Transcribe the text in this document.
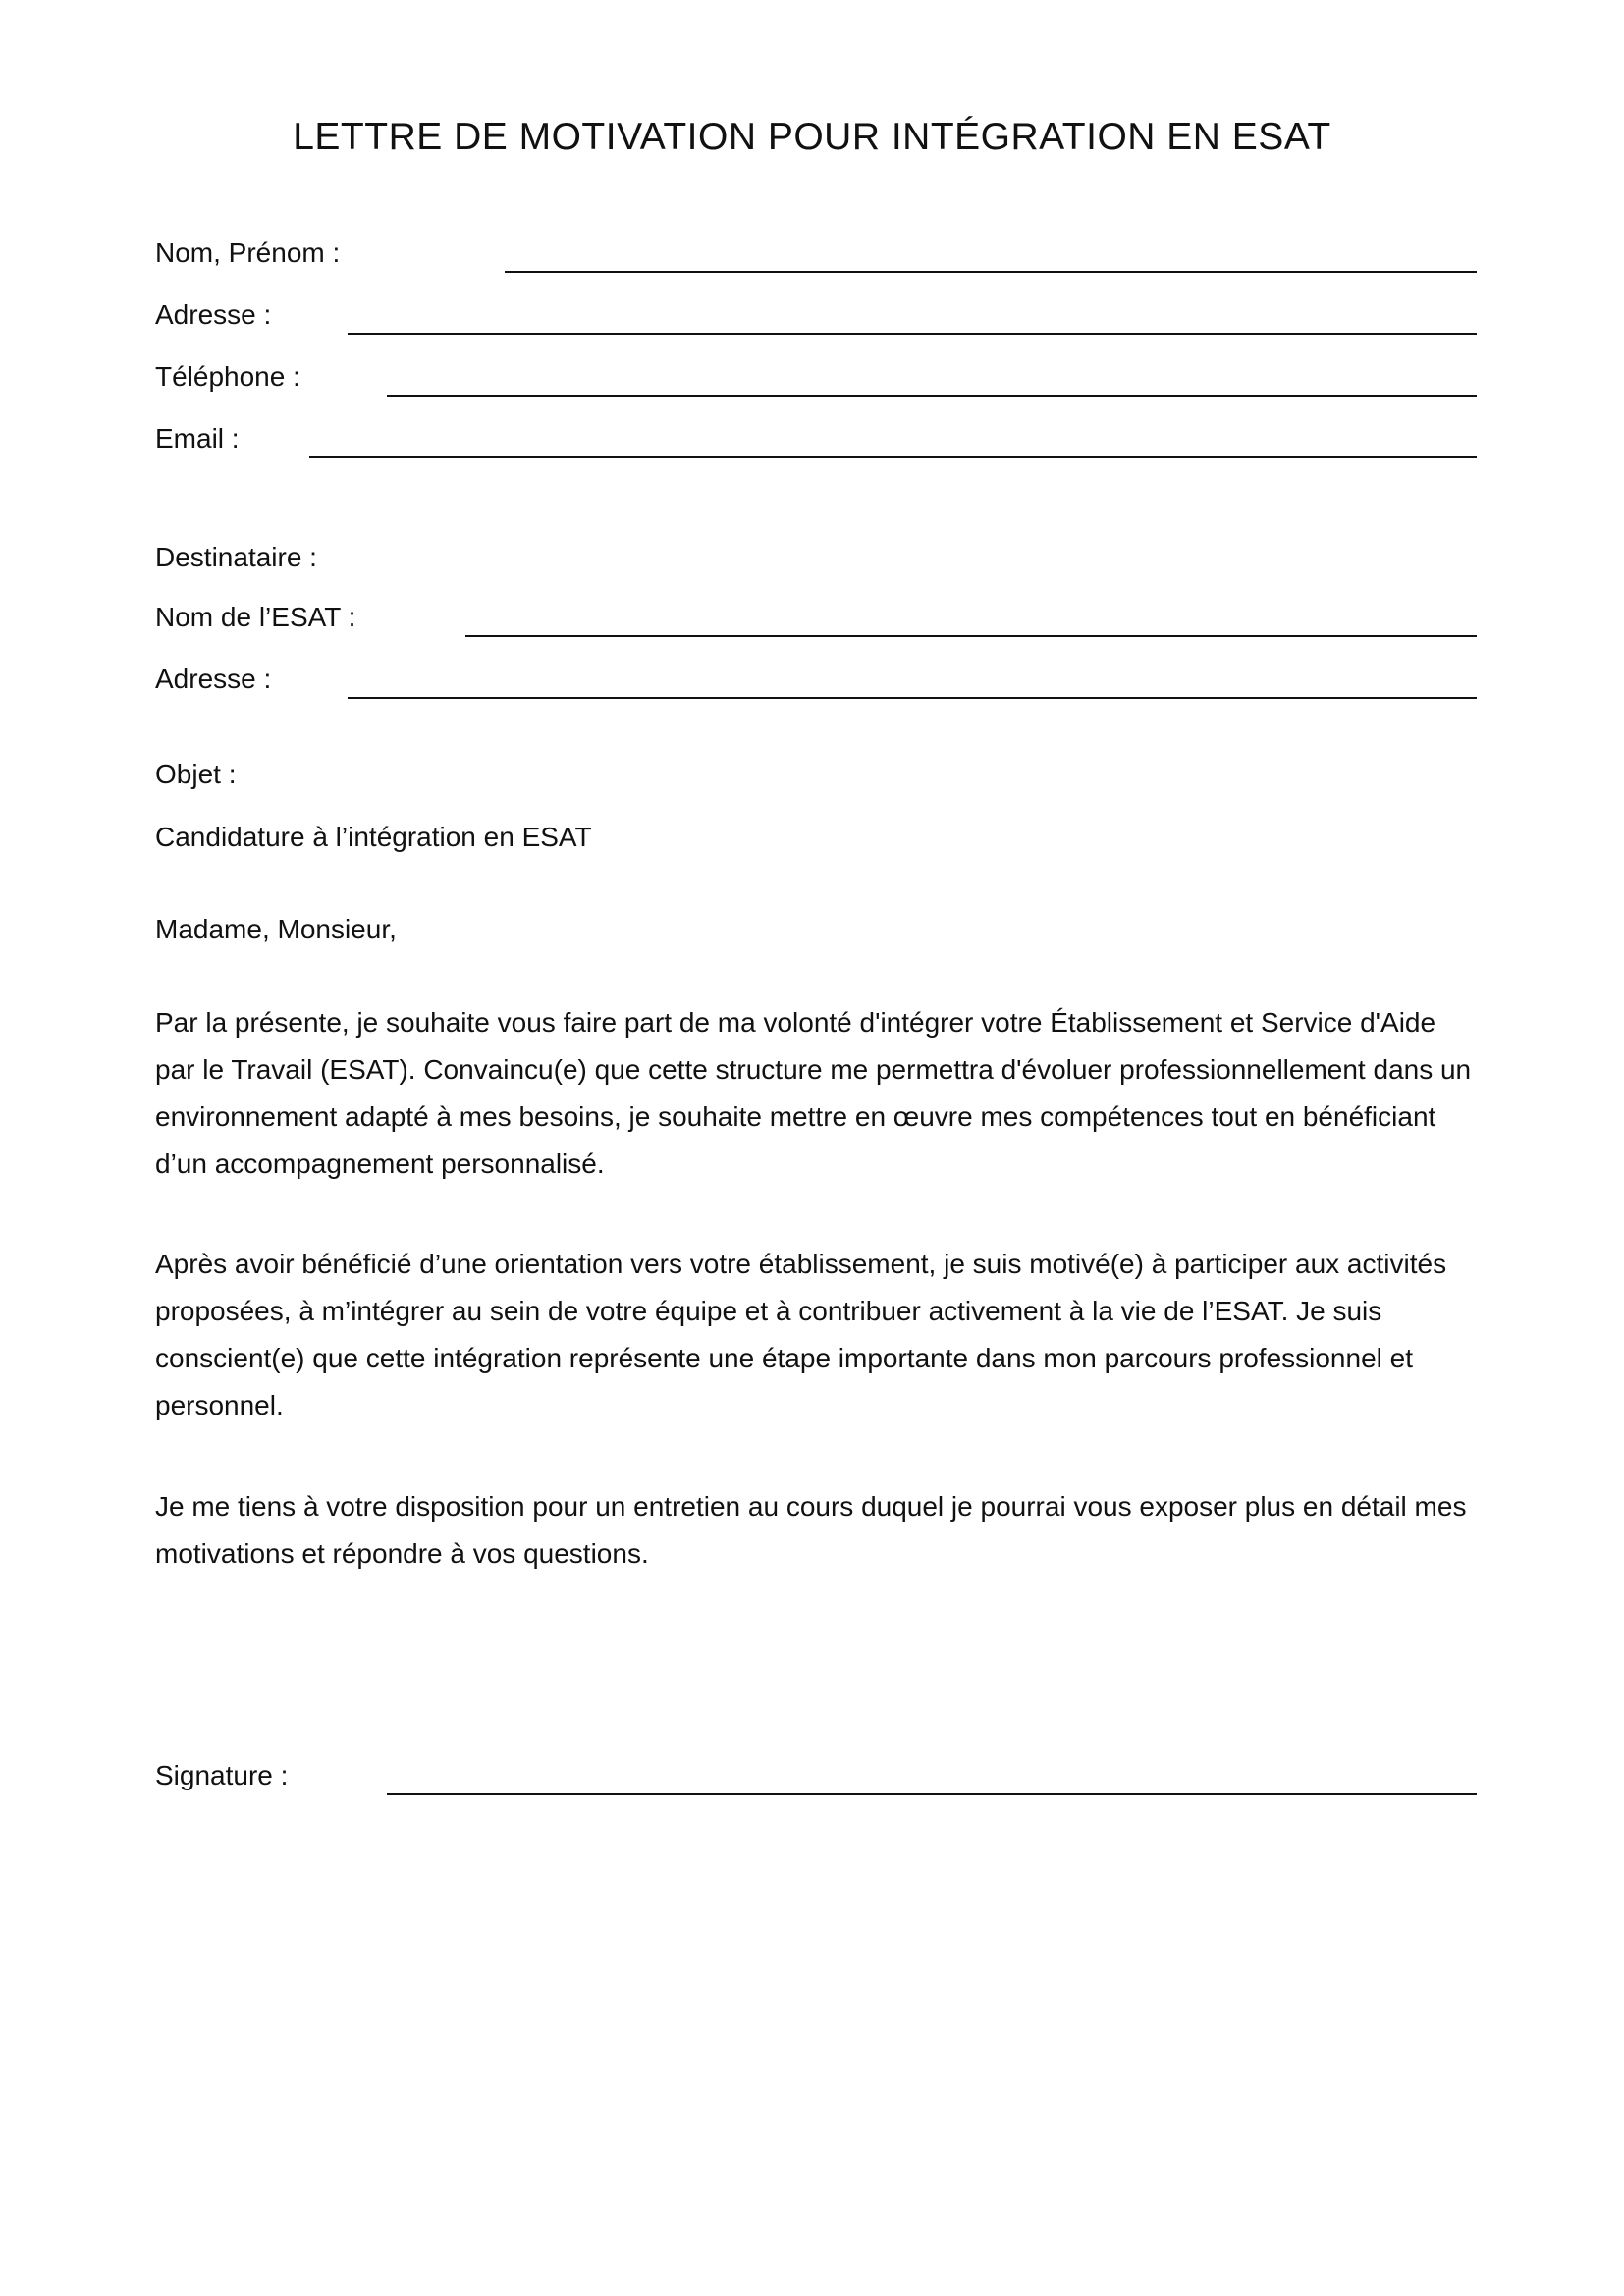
LETTRE DE MOTIVATION POUR INTÉGRATION EN ESAT
Nom, Prénom :
Adresse :
Téléphone :
Email :

Destinataire :

Nom de l’ESAT :
Adresse :

Objet :

Candidature à l’intégration en ESAT

Madame, Monsieur,

Par la présente, je souhaite vous faire part de ma volonté d'intégrer votre Établissement et Service d'Aide par le Travail (ESAT). Convaincu(e) que cette structure me permettra d'évoluer professionnellement dans un environnement adapté à mes besoins, je souhaite mettre en œuvre mes compétences tout en bénéficiant d’un accompagnement personnalisé.

Après avoir bénéficié d’une orientation vers votre établissement, je suis motivé(e) à participer aux activités proposées, à m’intégrer au sein de votre équipe et à contribuer activement à la vie de l’ESAT. Je suis conscient(e) que cette intégration représente une étape importante dans mon parcours professionnel et personnel.

Je me tiens à votre disposition pour un entretien au cours duquel je pourrai vous exposer plus en détail mes motivations et répondre à vos questions.

Signature :
